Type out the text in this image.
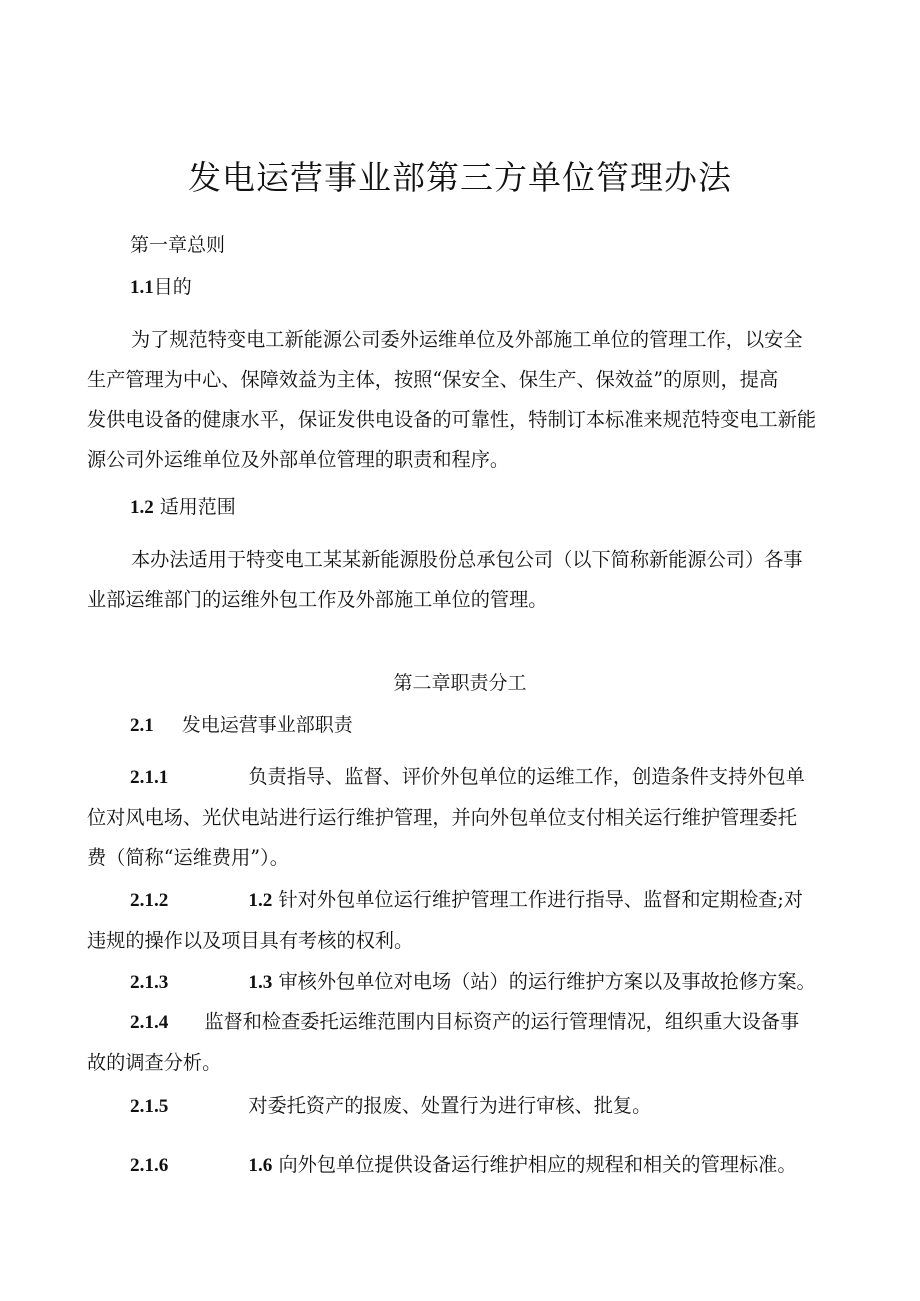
发电运营事业部第三方单位管理办法
第一章总则
1.1目的
为了规范特变电工新能源公司委外运维单位及外部施工单位的管理工作，以安全
生产管理为中心、保障效益为主体，按照“保安全、保生产、保效益”的原则，提高
发供电设备的健康水平，保证发供电设备的可靠性，特制订本标准来规范特变电工新能
源公司外运维单位及外部单位管理的职责和程序。
1.2 适用范围
本办法适用于特变电工某某新能源股份总承包公司（以下简称新能源公司）各事
业部运维部门的运维外包工作及外部施工单位的管理。
第二章职责分工
2.1 发电运营事业部职责
2.1.1	负责指导、监督、评价外包单位的运维工作，创造条件支持外包单
位对风电场、光伏电站进行运行维护管理，并向外包单位支付相关运行维护管理委托
费（简称“运维费用”）。
2.1.2	1.2 针对外包单位运行维护管理工作进行指导、监督和定期检查;对
违规的操作以及项目具有考核的权利。
2.1.3	1.3 审核外包单位对电场（站）的运行维护方案以及事故抢修方案。
2.1.4 监督和检查委托运维范围内目标资产的运行管理情况，组织重大设备事
故的调查分析。
2.1.5	对委托资产的报废、处置行为进行审核、批复。
2.1.6	1.6 向外包单位提供设备运行维护相应的规程和相关的管理标准。
